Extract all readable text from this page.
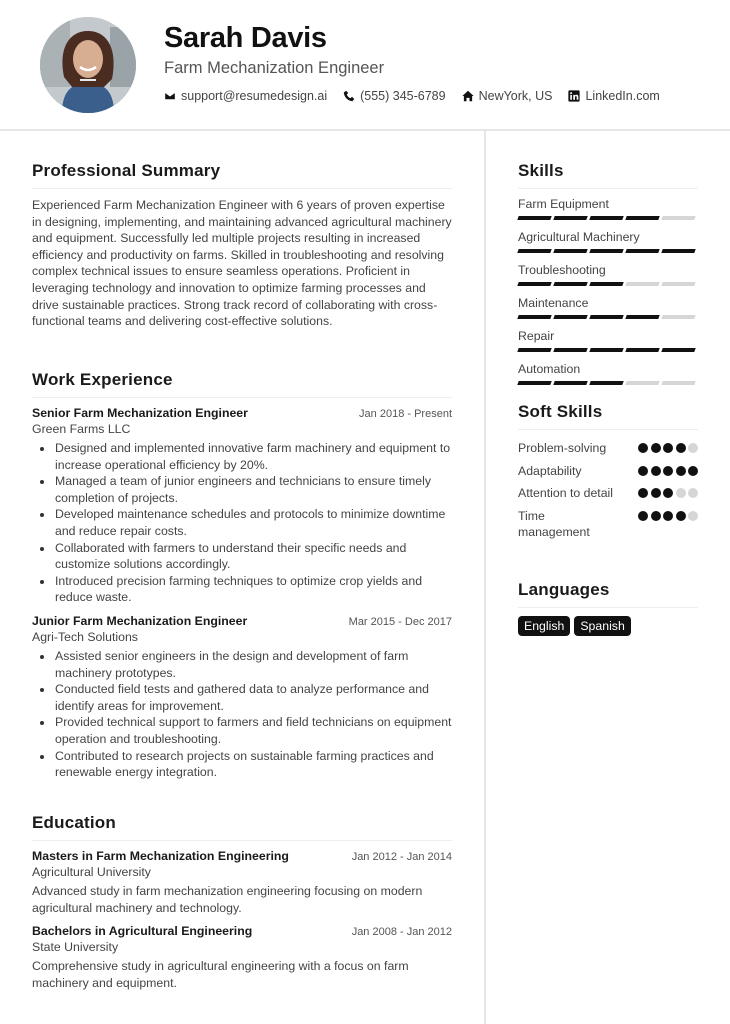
Sarah Davis
Farm Mechanization Engineer
support@resumedesign.ai	(555) 345-6789	NewYork, US	LinkedIn.com
Professional Summary
Experienced Farm Mechanization Engineer with 6 years of proven expertise in designing, implementing, and maintaining advanced agricultural machinery and equipment. Successfully led multiple projects resulting in increased efficiency and productivity on farms. Skilled in troubleshooting and resolving complex technical issues to ensure seamless operations. Proficient in leveraging technology and innovation to optimize farming processes and drive sustainable practices. Strong track record of collaborating with cross-functional teams and delivering cost-effective solutions.
Work Experience
Senior Farm Mechanization Engineer	Jan 2018 - Present
Green Farms LLC
Designed and implemented innovative farm machinery and equipment to increase operational efficiency by 20%.
Managed a team of junior engineers and technicians to ensure timely completion of projects.
Developed maintenance schedules and protocols to minimize downtime and reduce repair costs.
Collaborated with farmers to understand their specific needs and customize solutions accordingly.
Introduced precision farming techniques to optimize crop yields and reduce waste.
Junior Farm Mechanization Engineer	Mar 2015 - Dec 2017
Agri-Tech Solutions
Assisted senior engineers in the design and development of farm machinery prototypes.
Conducted field tests and gathered data to analyze performance and identify areas for improvement.
Provided technical support to farmers and field technicians on equipment operation and troubleshooting.
Contributed to research projects on sustainable farming practices and renewable energy integration.
Education
Masters in Farm Mechanization Engineering	Jan 2012 - Jan 2014
Agricultural University
Advanced study in farm mechanization engineering focusing on modern agricultural machinery and technology.
Bachelors in Agricultural Engineering	Jan 2008 - Jan 2012
State University
Comprehensive study in agricultural engineering with a focus on farm machinery and equipment.
Skills
Farm Equipment
Agricultural Machinery
Troubleshooting
Maintenance
Repair
Automation
Soft Skills
Problem-solving
Adaptability
Attention to detail
Time management
Languages
English	Spanish
